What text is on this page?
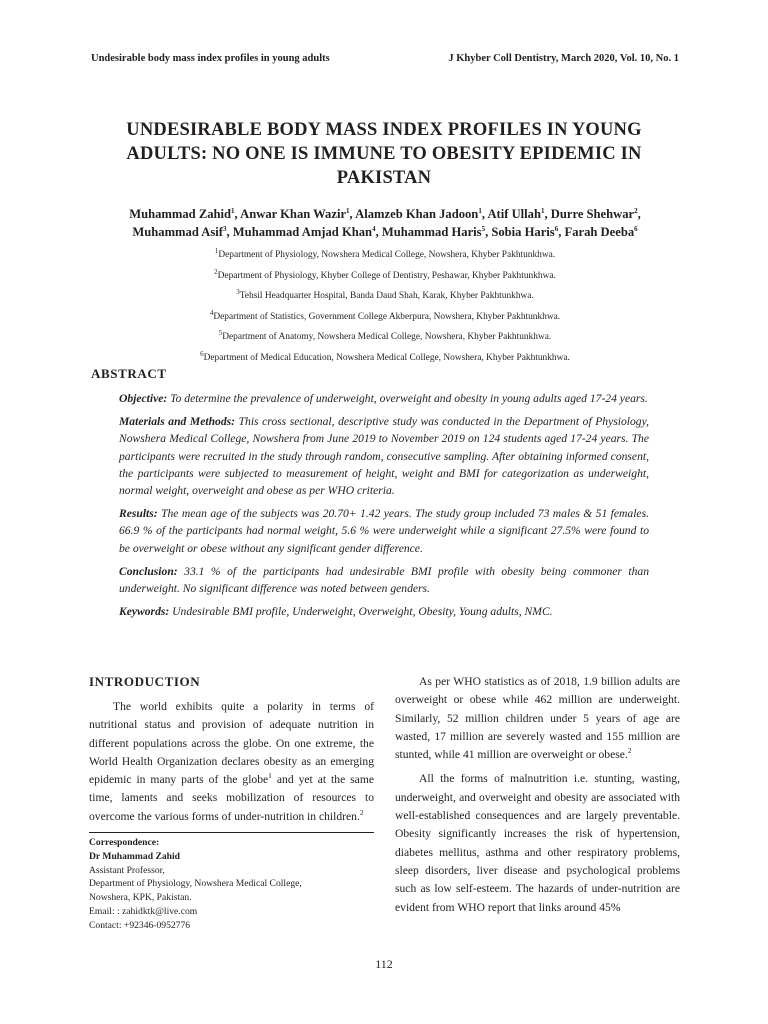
Undesirable body mass index profiles in young adults	J Khyber Coll Dentistry, March 2020, Vol. 10, No. 1
UNDESIRABLE BODY MASS INDEX PROFILES IN YOUNG
ADULTS: NO ONE IS IMMUNE TO OBESITY EPIDEMIC IN
PAKISTAN
Muhammad Zahid$^1$, Anwar Khan Wazir$^1$, Alamzeb Khan Jadoon$^1$, Atif Ullah$^1$, Durre Shehwar$^2$,
Muhammad Asif$^3$, Muhammad Amjad Khan$^4$, Muhammad Haris$^5$, Sobia Haris$^6$, Farah Deeba$^6$
$^1$Department of Physiology, Nowshera Medical College, Nowshera, Khyber Pakhtunkhwa.
$^2$Department of Physiology, Khyber College of Dentistry, Peshawar, Khyber Pakhtunkhwa.
$^3$Tehsil Headquarter Hospital, Banda Daud Shah, Karak, Khyber Pakhtunkhwa.
$^4$Department of Statistics, Government College Akberpura, Nowshera, Khyber Pakhtunkhwa.
$^5$Department of Anatomy, Nowshera Medical College, Nowshera, Khyber Pakhtunkhwa.
$^6$Department of Medical Education, Nowshera Medical College, Nowshera, Khyber Pakhtunkhwa.
ABSTRACT

Objective: To determine the prevalence of underweight, overweight and obesity in young adults aged 17-24 years.

Materials and Methods: This cross sectional, descriptive study was conducted in the Department of Physiology, Nowshera Medical College, Nowshera from June 2019 to November 2019 on 124 students aged 17-24 years. The participants were recruited in the study through random, consecutive sampling. After obtaining informed consent, the participants were subjected to measurement of height, weight and BMI for categorization as underweight, normal weight, overweight and obese as per WHO criteria.

Results: The mean age of the subjects was 20.70+ 1.42 years. The study group included 73 males & 51 females. 66.9 % of the participants had normal weight, 5.6 % were underweight while a significant 27.5% were found to be overweight or obese without any significant gender difference.

Conclusion: 33.1 % of the participants had undesirable BMI profile with obesity being commoner than underweight. No significant difference was noted between genders.

Keywords: Undesirable BMI profile, Underweight, Overweight, Obesity, Young adults, NMC.

INTRODUCTION

The world exhibits quite a polarity in terms of nutritional status and provision of adequate nutrition in different populations across the globe. On one extreme, the World Health Organization declares obesity as an emerging epidemic in many parts of the globe$^1$ and yet at the same time, laments and seeks mobilization of resources to overcome the various forms of under-nutrition in children.$^2$

Correspondence:
Dr Muhammad Zahid
Assistant Professor,
Department of Physiology, Nowshera Medical College,
Nowshera, KPK, Pakistan.
Email: : zahidktk@live.com
Contact: +92346-0952776

As per WHO statistics as of 2018, 1.9 billion adults are overweight or obese while 462 million are underweight. Similarly, 52 million children under 5 years of age are wasted, 17 million are severely wasted and 155 million are stunted, while 41 million are overweight or obese.$^2$

All the forms of malnutrition i.e. stunting, wasting, underweight, and overweight and obesity are associated with well-established consequences and are largely preventable. Obesity significantly increases the risk of hypertension, diabetes mellitus, asthma and other respiratory problems, sleep disorders, liver disease and psychological problems such as low self-esteem. The hazards of under-nutrition are evident from WHO report that links around 45%

112
